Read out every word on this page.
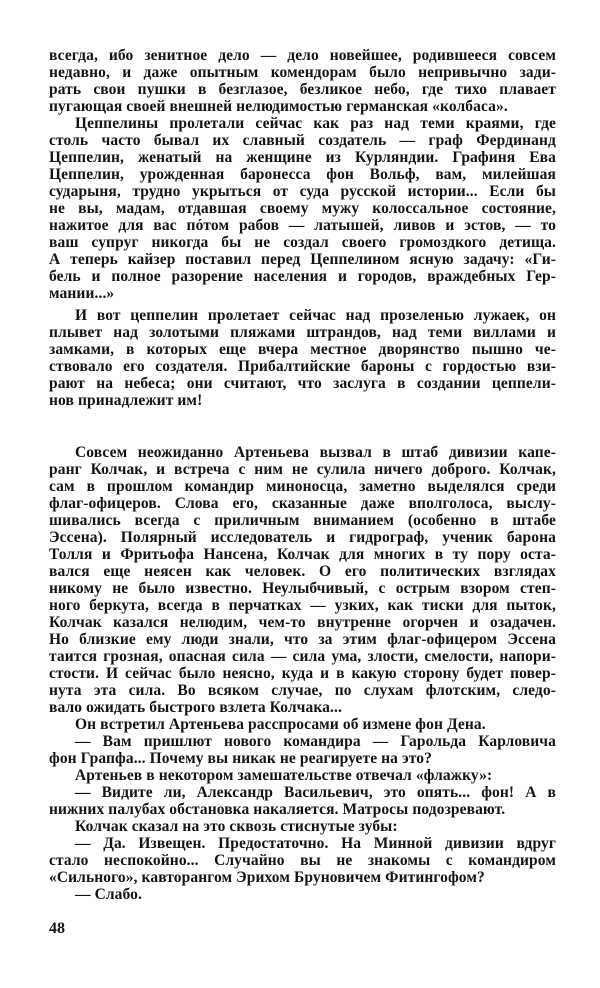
всегда, ибо зенитное дело — дело новейшее, родившееся совсем
недавно, и даже опытным комендорам было непривычно зади-
рать свои пушки в безглазое, безликое небо, где тихо плавает
пугающая своей внешней нелюдимостью германская «колбаса».
Цеппелины пролетали сейчас как раз над теми краями, где
столь часто бывал их славный создатель — граф Фердинанд
Цеппелин, женатый на женщине из Курляндии. Графиня Ева
Цеппелин, урожденная баронесса фон Вольф, вам, милейшая
сударыня, трудно укрыться от суда русской истории... Если бы
не вы, мадам, отдавшая своему мужу колоссальное состояние,
нажитое для вас пóтом рабов — латышей, ливов и эстов, — то
ваш супруг никогда бы не создал своего громоздкого детища.
А теперь кайзер поставил перед Цеппелином ясную задачу: «Ги-
бель и полное разорение населения и городов, враждебных Гер-
мании...»
И вот цеппелин пролетает сейчас над прозеленью лужаек, он
плывет над золотыми пляжами штрандов, над теми виллами и
замками, в которых еще вчера местное дворянство пышно че-
ствовало его создателя. Прибалтийские бароны с гордостью взи-
рают на небеса; они считают, что заслуга в создании цеппели-
нов принадлежит им!
Совсем неожиданно Артеньева вызвал в штаб дивизии капе-
ранг Колчак, и встреча с ним не сулила ничего доброго. Колчак,
сам в прошлом командир миноносца, заметно выделялся среди
флаг-офицеров. Слова его, сказанные даже вполголоса, выслу-
шивались всегда с приличным вниманием (особенно в штабе
Эссена). Полярный исследователь и гидрограф, ученик барона
Толля и Фритьофа Нансена, Колчак для многих в ту пору оста-
вался еще неясен как человек. О его политических взглядах
никому не было известно. Неулыбчивый, с острым взором степ-
ного беркута, всегда в перчатках — узких, как тиски для пыток,
Колчак казался нелюдим, чем-то внутренне огорчен и озадачен.
Но близкие ему люди знали, что за этим флаг-офицером Эссена
таится грозная, опасная сила — сила ума, злости, смелости, напори-
стости. И сейчас было неясно, куда и в какую сторону будет повер-
нута эта сила. Во всяком случае, по слухам флотским, следо-
вало ожидать быстрого взлета Колчака...
Он встретил Артеньева расспросами об измене фон Дена.
— Вам пришлют нового командира — Гарольда Карловича
фон Грапфа... Почему вы никак не реагируете на это?
Артеньев в некотором замешательстве отвечал «флажку»:
— Видите ли, Александр Васильевич, это опять... фон! А в
нижних палубах обстановка накаляется. Матросы подозревают.
Колчак сказал на это сквозь стиснутые зубы:
— Да. Извещен. Предостаточно. На Минной дивизии вдруг
стало неспокойно... Случайно вы не знакомы с командиром
«Сильного», кавторангом Эрихом Бруновичем Фитингофом?
— Слабо.
48
